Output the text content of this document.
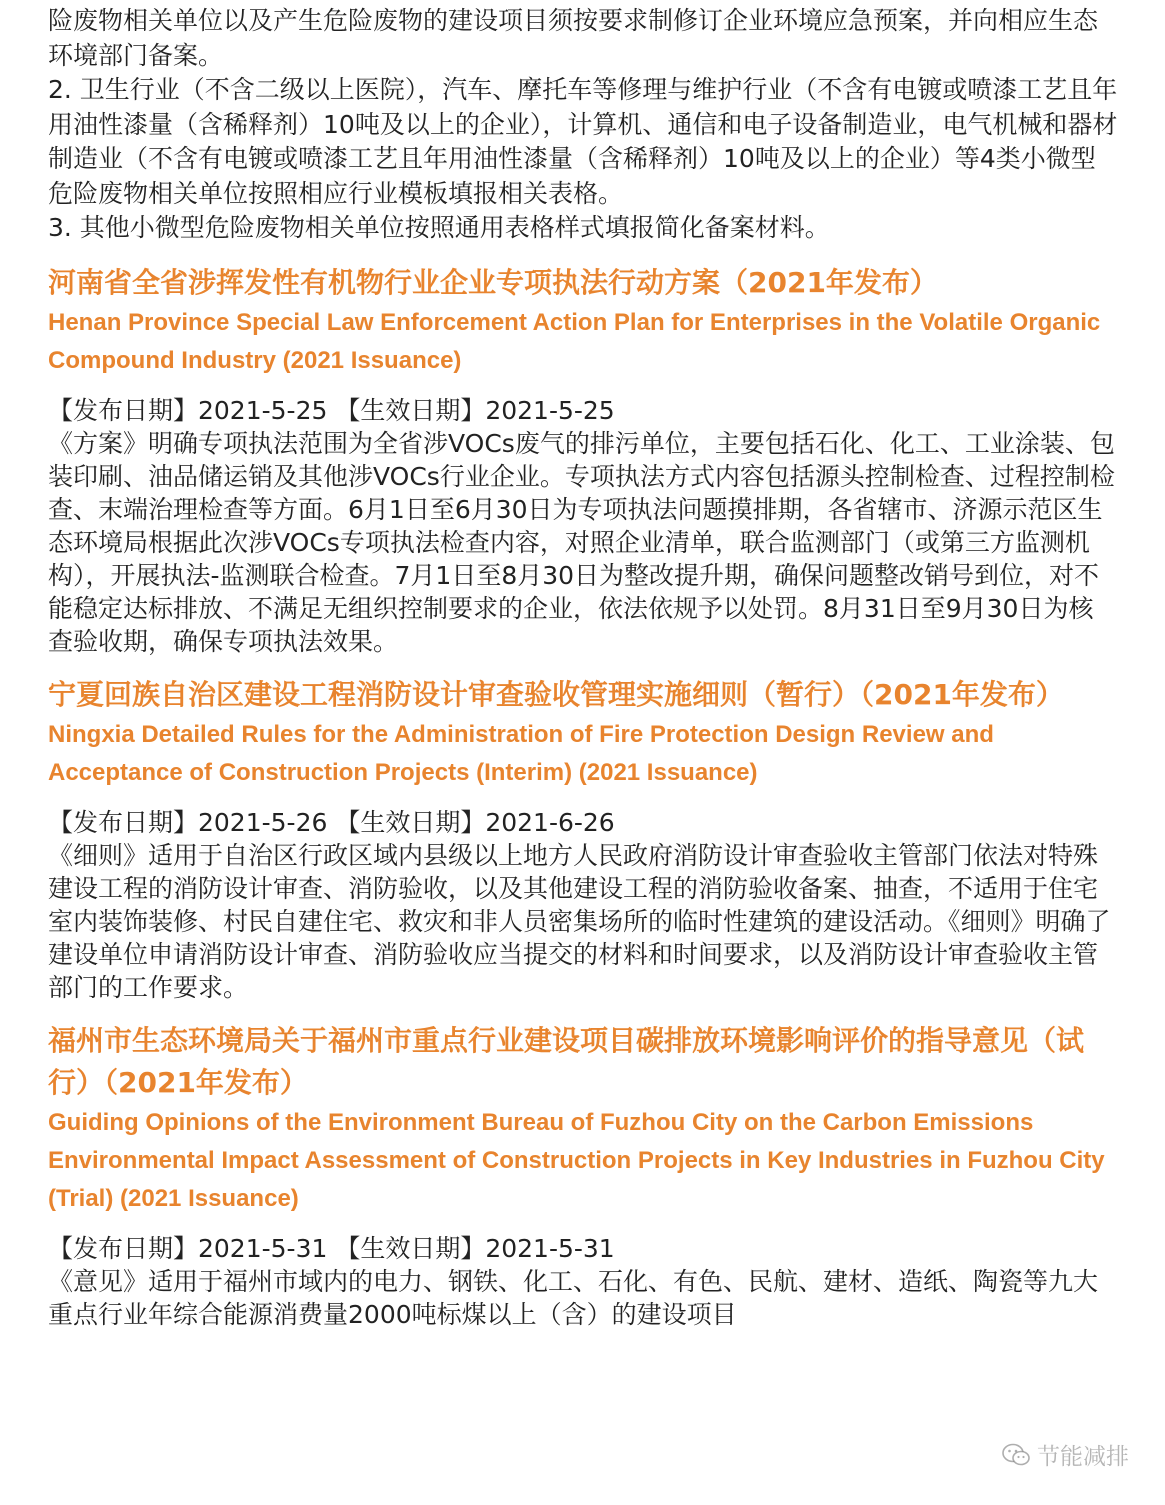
险废物相关单位以及产生危险废物的建设项目须按要求制修订企业环境应急预案，并向相应生态环境部门备案。

2. 卫生行业（不含二级以上医院），汽车、摩托车等修理与维护行业（不含有电镀或喷漆工艺且年用油性漆量（含稀释剂）10吨及以上的企业），计算机、通信和电子设备制造业，电气机械和器材制造业（不含有电镀或喷漆工艺且年用油性漆量（含稀释剂）10吨及以上的企业）等4类小微型危险废物相关单位按照相应行业模板填报相关表格。

3. 其他小微型危险废物相关单位按照通用表格样式填报简化备案材料。

河南省全省涉挥发性有机物行业企业专项执法行动方案（2021年发布）
Henan Province Special Law Enforcement Action Plan for Enterprises in the Volatile Organic Compound Industry (2021 Issuance)

【发布日期】2021-5-25 【生效日期】2021-5-25

《方案》明确专项执法范围为全省涉VOCs废气的排污单位，主要包括石化、化工、工业涂装、包装印刷、油品储运销及其他涉VOCs行业企业。专项执法方式内容包括源头控制检查、过程控制检查、末端治理检查等方面。6月1日至6月30日为专项执法问题摸排期，各省辖市、济源示范区生态环境局根据此次涉VOCs专项执法检查内容，对照企业清单，联合监测部门（或第三方监测机构），开展执法-监测联合检查。7月1日至8月30日为整改提升期，确保问题整改销号到位，对不能稳定达标排放、不满足无组织控制要求的企业，依法依规予以处罚。8月31日至9月30日为核查验收期，确保专项执法效果。

宁夏回族自治区建设工程消防设计审查验收管理实施细则（暂行）（2021年发布）
Ningxia Detailed Rules for the Administration of Fire Protection Design Review and Acceptance of Construction Projects (Interim) (2021 Issuance)

【发布日期】2021-5-26 【生效日期】2021-6-26

《细则》适用于自治区行政区域内县级以上地方人民政府消防设计审查验收主管部门依法对特殊建设工程的消防设计审查、消防验收，以及其他建设工程的消防验收备案、抽查，不适用于住宅室内装饰装修、村民自建住宅、救灾和非人员密集场所的临时性建筑的建设活动。《细则》明确了建设单位申请消防设计审查、消防验收应当提交的材料和时间要求，以及消防设计审查验收主管部门的工作要求。

福州市生态环境局关于福州市重点行业建设项目碳排放环境影响评价的指导意见（试行）（2021年发布）
Guiding Opinions of the Environment Bureau of Fuzhou City on the Carbon Emissions Environmental Impact Assessment of Construction Projects in Key Industries in Fuzhou City (Trial) (2021 Issuance)

【发布日期】2021-5-31 【生效日期】2021-5-31

《意见》适用于福州市域内的电力、钢铁、化工、石化、有色、民航、建材、造纸、陶瓷等九大重点行业年综合能源消费量2000吨标煤以上（含）的建设项目

节能减排
